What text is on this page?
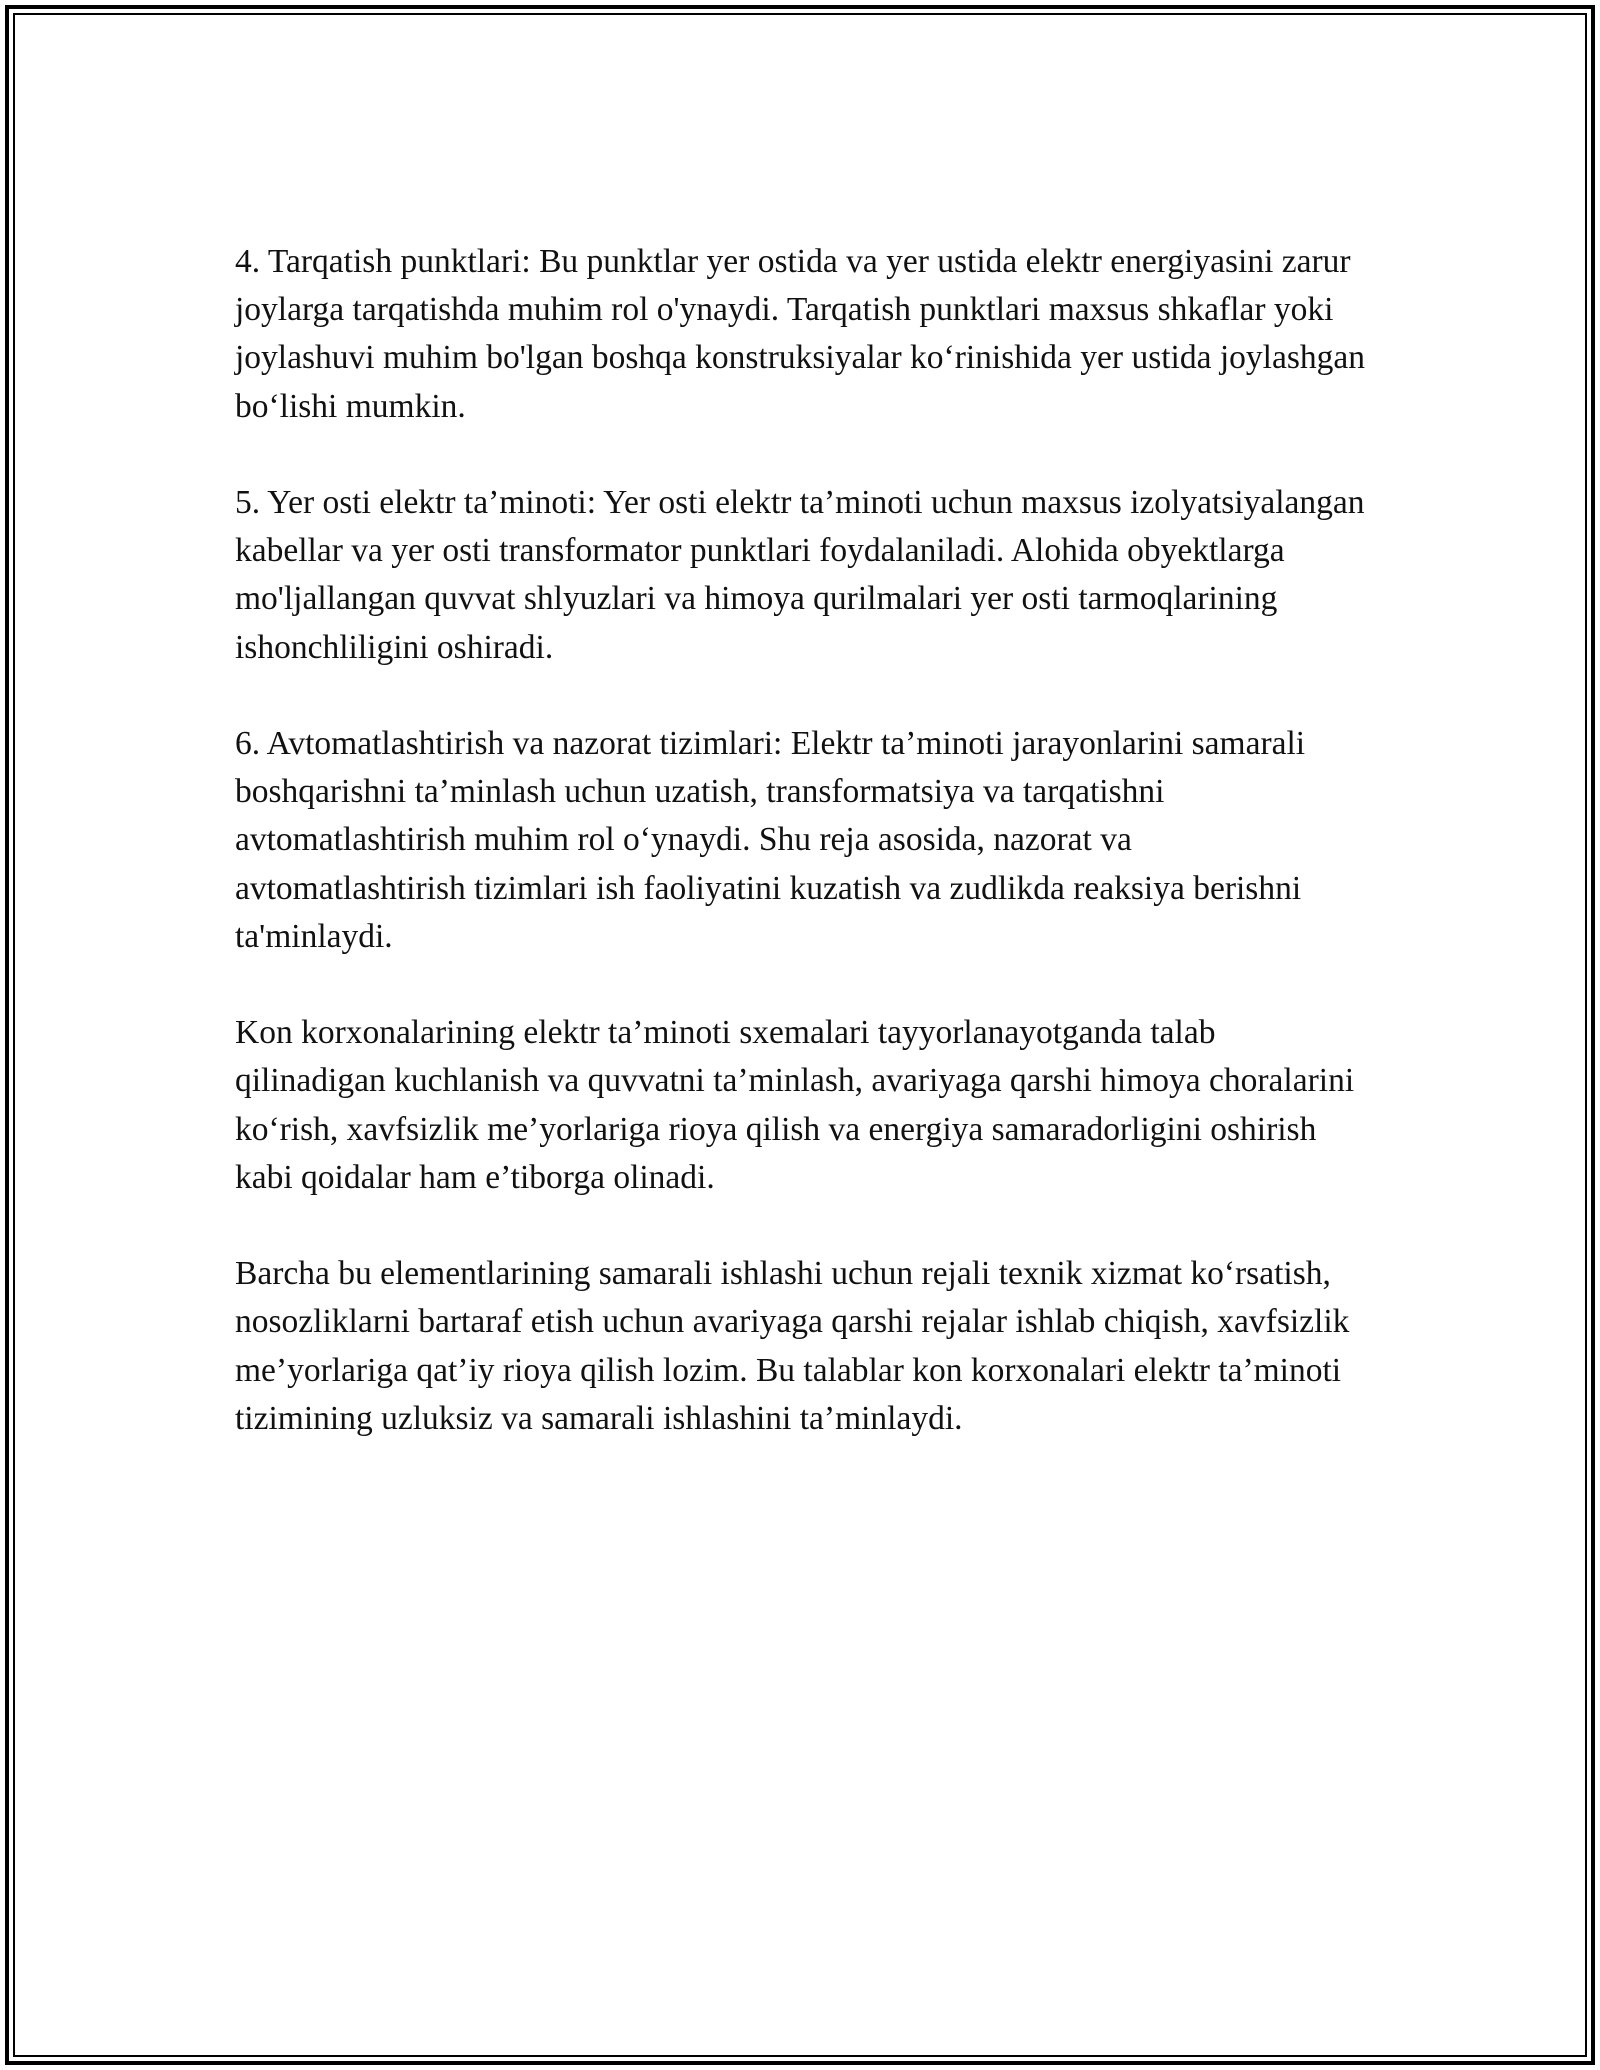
4. Tarqatish punktlari: Bu punktlar yer ostida va yer ustida elektr energiyasini zarur joylarga tarqatishda muhim rol o'ynaydi. Tarqatish punktlari maxsus shkaflar yoki joylashuvi muhim bo'lgan boshqa konstruksiyalar ko‘rinishida yer ustida joylashgan bo‘lishi mumkin.

5. Yer osti elektr ta’minoti: Yer osti elektr ta’minoti uchun maxsus izolyatsiyalangan kabellar va yer osti transformator punktlari foydalaniladi. Alohida obyektlarga mo'ljallangan quvvat shlyuzlari va himoya qurilmalari yer osti tarmoqlarining ishonchliligini oshiradi.

6. Avtomatlashtirish va nazorat tizimlari: Elektr ta’minoti jarayonlarini samarali boshqarishni ta’minlash uchun uzatish, transformatsiya va tarqatishni avtomatlashtirish muhim rol o‘ynaydi. Shu reja asosida, nazorat va avtomatlashtirish tizimlari ish faoliyatini kuzatish va zudlikda reaksiya berishni ta'minlaydi.

Kon korxonalarining elektr ta’minoti sxemalari tayyorlanayotganda talab qilinadigan kuchlanish va quvvatni ta’minlash, avariyaga qarshi himoya choralarini ko‘rish, xavfsizlik me’yorlariga rioya qilish va energiya samaradorligini oshirish kabi qoidalar ham e’tiborga olinadi.

Barcha bu elementlarining samarali ishlashi uchun rejali texnik xizmat ko‘rsatish, nosozliklarni bartaraf etish uchun avariyaga qarshi rejalar ishlab chiqish, xavfsizlik me’yorlariga qat’iy rioya qilish lozim. Bu talablar kon korxonalari elektr ta’minoti tizimining uzluksiz va samarali ishlashini ta’minlaydi.
